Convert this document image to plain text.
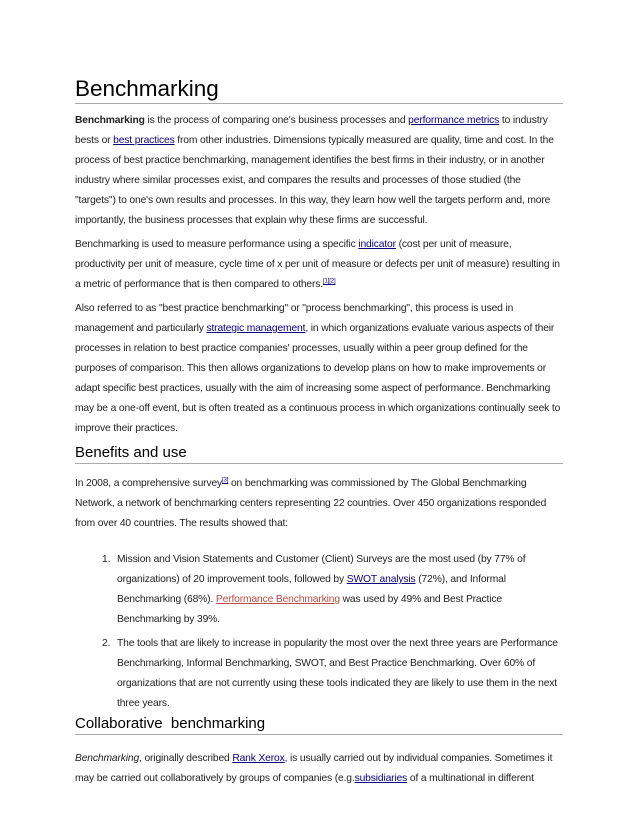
Benchmarking

Benchmarking is the process of comparing one's business processes and performance metrics to industry bests or best practices from other industries. Dimensions typically measured are quality, time and cost. In the process of best practice benchmarking, management identifies the best firms in their industry, or in another industry where similar processes exist, and compares the results and processes of those studied (the "targets") to one's own results and processes. In this way, they learn how well the targets perform and, more importantly, the business processes that explain why these firms are successful.

Benchmarking is used to measure performance using a specific indicator (cost per unit of measure, productivity per unit of measure, cycle time of x per unit of measure or defects per unit of measure) resulting in a metric of performance that is then compared to others.[1][2]

Also referred to as "best practice benchmarking" or "process benchmarking", this process is used in management and particularly strategic management, in which organizations evaluate various aspects of their processes in relation to best practice companies' processes, usually within a peer group defined for the purposes of comparison. This then allows organizations to develop plans on how to make improvements or adapt specific best practices, usually with the aim of increasing some aspect of performance. Benchmarking may be a one-off event, but is often treated as a continuous process in which organizations continually seek to improve their practices.

Benefits and use

In 2008, a comprehensive survey[3] on benchmarking was commissioned by The Global Benchmarking Network, a network of benchmarking centers representing 22 countries. Over 450 organizations responded from over 40 countries. The results showed that:

1. Mission and Vision Statements and Customer (Client) Surveys are the most used (by 77% of organizations) of 20 improvement tools, followed by SWOT analysis (72%), and Informal Benchmarking (68%). Performance Benchmarking was used by 49% and Best Practice Benchmarking by 39%.
2. The tools that are likely to increase in popularity the most over the next three years are Performance Benchmarking, Informal Benchmarking, SWOT, and Best Practice Benchmarking. Over 60% of organizations that are not currently using these tools indicated they are likely to use them in the next three years.
Collaborative  benchmarking

Benchmarking, originally described Rank Xerox, is usually carried out by individual companies. Sometimes it may be carried out collaboratively by groups of companies (e.g.subsidiaries of a multinational in different
